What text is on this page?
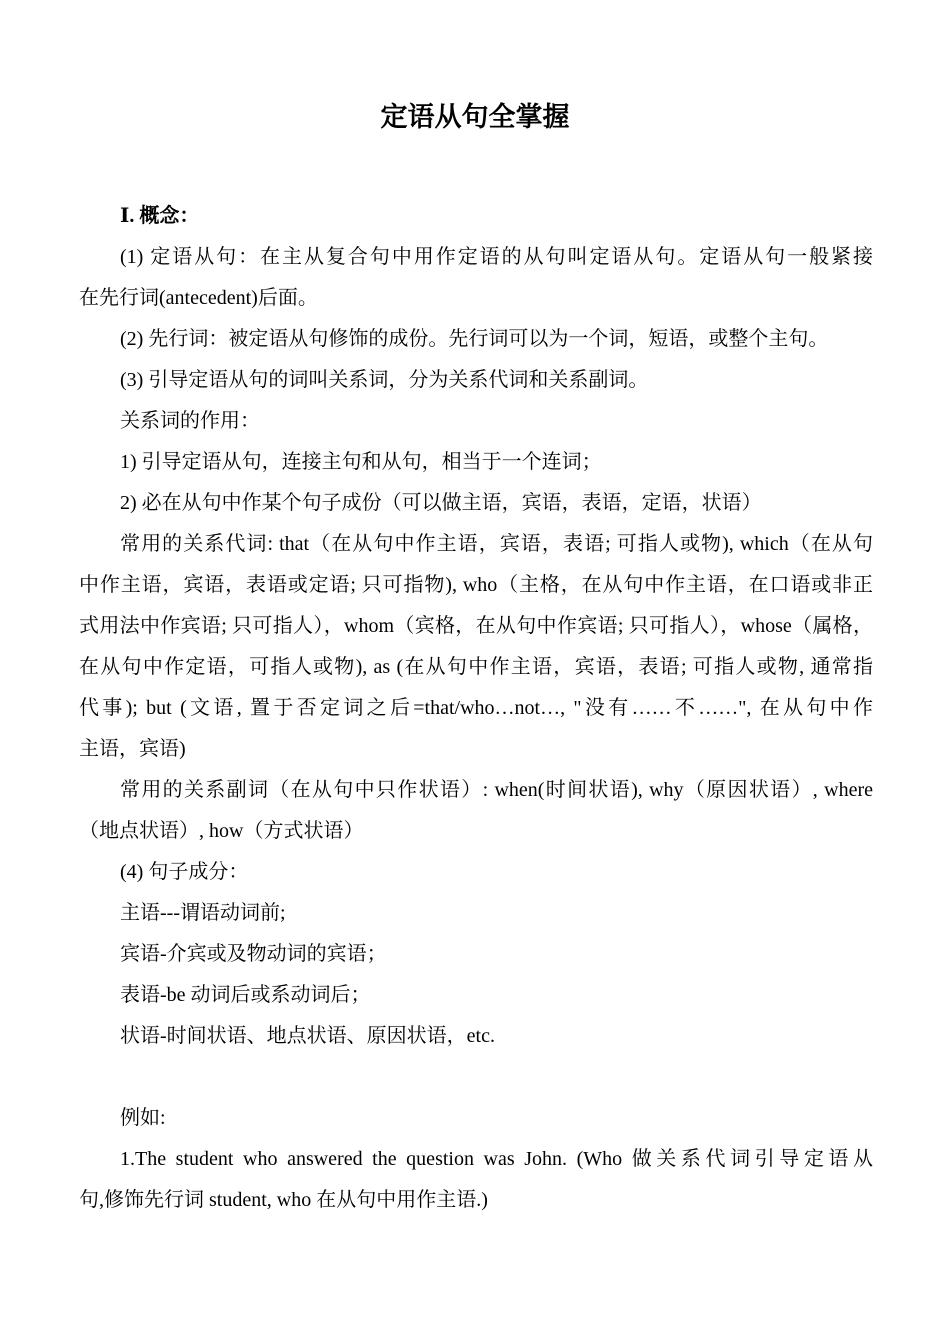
定语从句全掌握

Ⅰ. 概念：

(1) 定语从句：在主从复合句中用作定语的从句叫定语从句。定语从句一般紧接

在先行词(antecedent)后面。

(2) 先行词：被定语从句修饰的成份。先行词可以为一个词，短语，或整个主句。

(3) 引导定语从句的词叫关系词，分为关系代词和关系副词。

关系词的作用：

1) 引导定语从句，连接主句和从句，相当于一个连词；

2) 必在从句中作某个句子成份（可以做主语，宾语，表语，定语，状语）

常用的关系代词: that（在从句中作主语，宾语，表语; 可指人或物), which（在从句

中作主语，宾语，表语或定语; 只可指物), who（主格，在从句中作主语，在口语或非正

式用法中作宾语; 只可指人），whom（宾格，在从句中作宾语; 只可指人），whose（属格，

在从句中作定语，可指人或物), as (在从句中作主语，宾语，表语; 可指人或物, 通常指

代事); but (文语, 置于否定词之后=that/who…not…, "没有……不……", 在从句中作

主语，宾语)

常用的关系副词（在从句中只作状语）: when(时间状语), why（原因状语）, where

（地点状语）, how（方式状语）

(4) 句子成分：

主语---谓语动词前;

宾语-介宾或及物动词的宾语；

表语-be 动词后或系动词后；

状语-时间状语、地点状语、原因状语，etc.

例如:

1.The student who answered the question was John. (Who 做关系代词引导定语从

句,修饰先行词 student, who 在从句中用作主语.)
